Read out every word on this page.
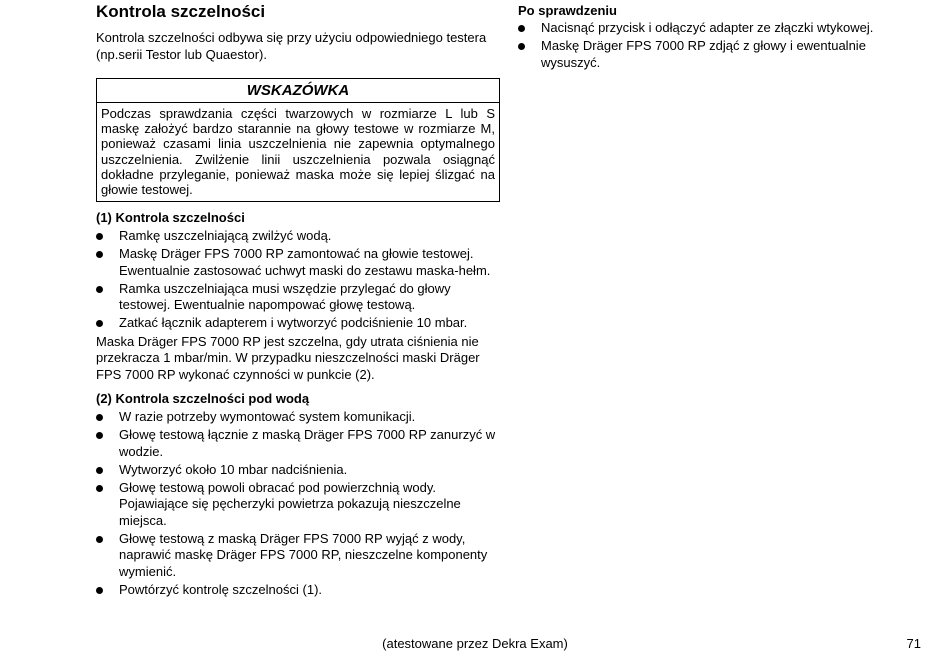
Kontrola szczelności

Kontrola szczelności odbywa się przy użyciu odpowiedniego testera (np.serii Testor lub Quaestor).

WSKAZÓWKA
Podczas sprawdzania części twarzowych w rozmiarze L lub S maskę założyć bardzo starannie na głowy testowe w rozmiarze M, ponieważ czasami linia uszczelnienia nie zapewnia optymalnego uszczelnienia. Zwilżenie linii uszczelnienia pozwala osiągnąć dokładne przyleganie, ponieważ maska może się lepiej ślizgać na głowie testowej.
(1) Kontrola szczelności
Ramkę uszczelniającą zwilżyć wodą.
Maskę Dräger FPS 7000 RP zamontować na głowie testowej. Ewentualnie zastosować uchwyt maski do zestawu maska-hełm.
Ramka uszczelniająca musi wszędzie przylegać do głowy testowej. Ewentualnie napompować głowę testową.
Zatkać łącznik adapterem i wytworzyć podciśnienie 10 mbar.

Maska Dräger FPS 7000 RP jest szczelna, gdy utrata ciśnienia nie przekracza 1 mbar/min. W przypadku nieszczelności maski Dräger FPS 7000 RP wykonać czynności w punkcie (2).

(2) Kontrola szczelności pod wodą
W razie potrzeby wymontować system komunikacji.
Głowę testową łącznie z maską Dräger FPS 7000 RP zanurzyć w wodzie.
Wytworzyć około 10 mbar nadciśnienia.
Głowę testową powoli obracać pod powierzchnią wody. Pojawiające się pęcherzyki powietrza pokazują nieszczelne miejsca.
Głowę testową z maską Dräger FPS 7000 RP wyjąć z wody, naprawić maskę Dräger FPS 7000 RP, nieszczelne komponenty wymienić.
Powtórzyć kontrolę szczelności (1).
Po sprawdzeniu
Nacisnąć przycisk i odłączyć adapter ze złączki wtykowej.
Maskę Dräger FPS 7000 RP zdjąć z głowy i ewentualnie wysuszyć.
(atestowane przez Dekra Exam)	71
